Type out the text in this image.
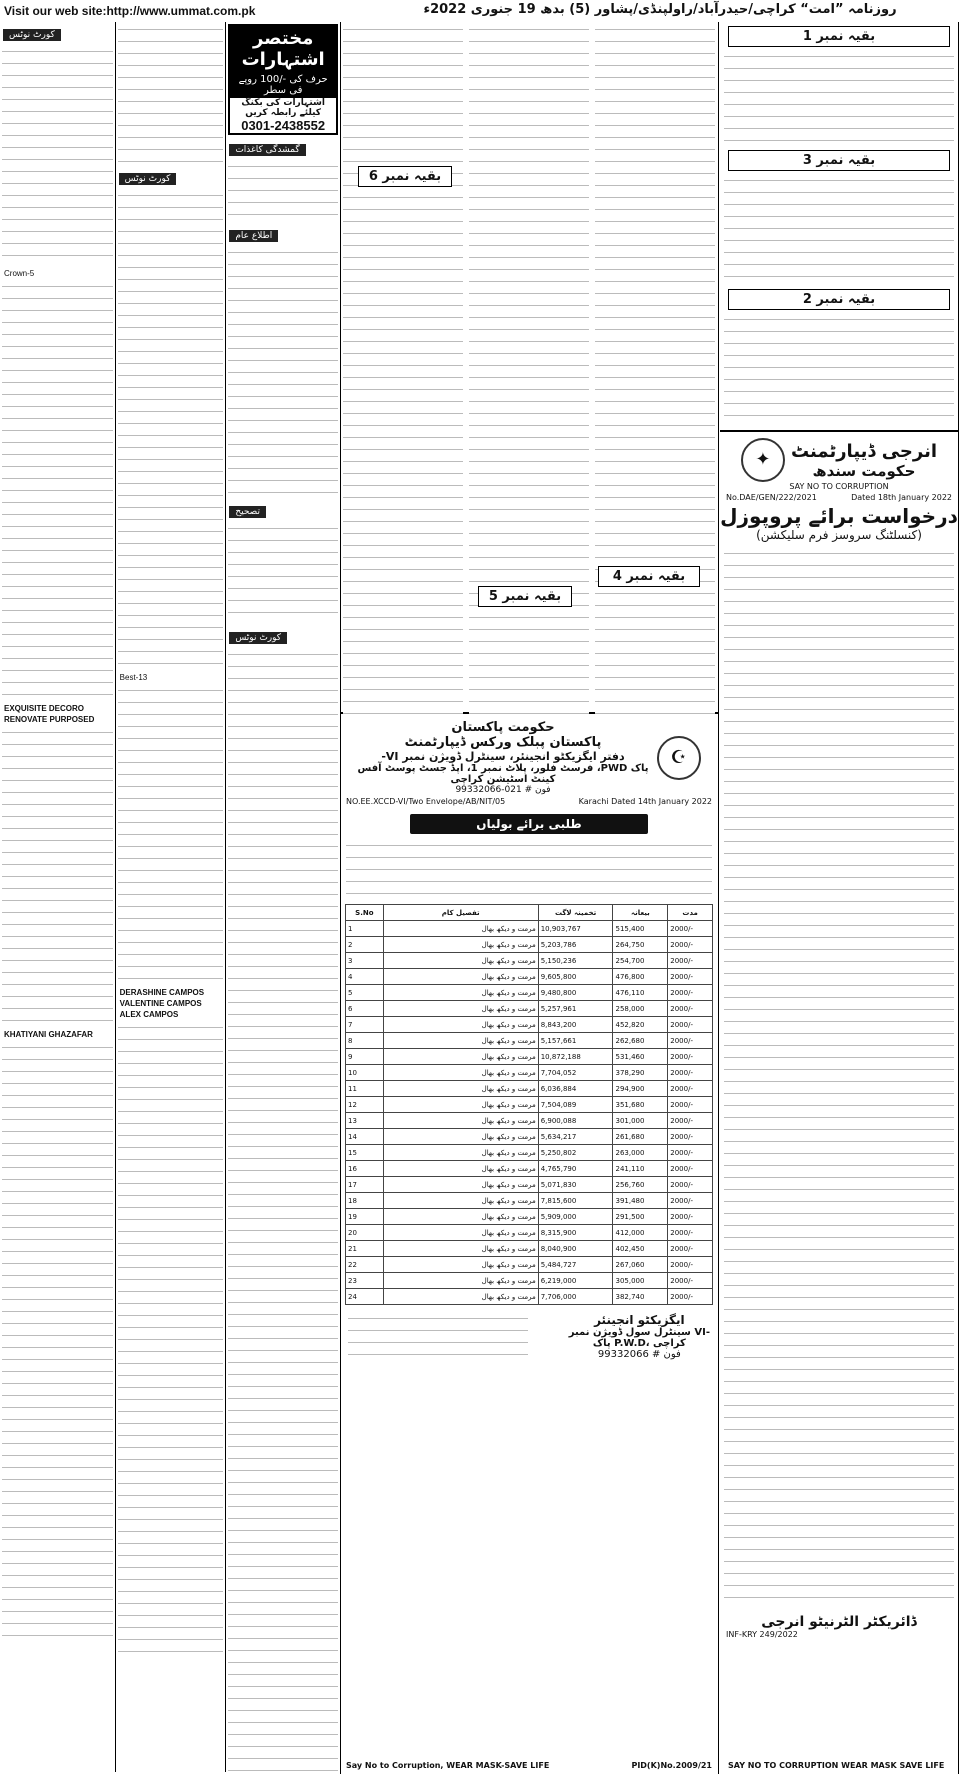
Visit our web site:http://www.ummat.com.pk	روزنامہ ”امت“ کراچی/حیدرآباد/راولپنڈی/پشاور (5) بدھ 19 جنوری 2022ء
بقیہ نمبر 1
بقیہ نمبر 3
بقیہ نمبر 2
✦	انرجی ڈیپارٹمنٹ
حکومت سندھ
SAY NO TO CORRUPTION
No.DAE/GEN/222/2021	Dated 18th January 2022
درخواست برائے پروپوزل
(کنسلٹنگ سروسز فرم سلیکشن)
ڈائریکٹر الٹرنیٹو انرجی
INF-KRY 249/2022
SAY NO TO CORRUPTION WEAR MASK SAVE LIFE
بقیہ نمبر 6
بقیہ نمبر 4
بقیہ نمبر 5
حکومت پاکستان
پاکستان پبلک ورکس ڈیپارٹمنٹ
دفتر ایگزیکٹو انجینئر، سینٹرل ڈویژن نمبر VI-
پاک PWD، فرسٹ فلور، پلاٹ نمبر 1، اپڈ جسٹ پوسٹ آفس
کینٹ اسٹیشن کراچی
فون # 021-99332066
☪
NO.EE.XCCD-VI/Two Envelope/AB/NIT/05	Karachi Dated 14th January 2022
طلبی برائے بولیاں
S.No	تفصیل کام	تخمینہ لاگت	بیعانہ	مدت
1	مرمت و دیکھ بھال	10,903,767	515,400	2000/-
2	مرمت و دیکھ بھال	5,203,786	264,750	2000/-
3	مرمت و دیکھ بھال	5,150,236	254,700	2000/-
4	مرمت و دیکھ بھال	9,605,800	476,800	2000/-
5	مرمت و دیکھ بھال	9,480,800	476,110	2000/-
6	مرمت و دیکھ بھال	5,257,961	258,000	2000/-
7	مرمت و دیکھ بھال	8,843,200	452,820	2000/-
8	مرمت و دیکھ بھال	5,157,661	262,680	2000/-
9	مرمت و دیکھ بھال	10,872,188	531,460	2000/-
10	مرمت و دیکھ بھال	7,704,052	378,290	2000/-
11	مرمت و دیکھ بھال	6,036,884	294,900	2000/-
12	مرمت و دیکھ بھال	7,504,089	351,680	2000/-
13	مرمت و دیکھ بھال	6,900,088	301,000	2000/-
14	مرمت و دیکھ بھال	5,634,217	261,680	2000/-
15	مرمت و دیکھ بھال	5,250,802	263,000	2000/-
16	مرمت و دیکھ بھال	4,765,790	241,110	2000/-
17	مرمت و دیکھ بھال	5,071,830	256,760	2000/-
18	مرمت و دیکھ بھال	7,815,600	391,480	2000/-
19	مرمت و دیکھ بھال	5,909,000	291,500	2000/-
20	مرمت و دیکھ بھال	8,315,900	412,000	2000/-
21	مرمت و دیکھ بھال	8,040,900	402,450	2000/-
22	مرمت و دیکھ بھال	5,484,727	267,060	2000/-
23	مرمت و دیکھ بھال	6,219,000	305,000	2000/-
24	مرمت و دیکھ بھال	7,706,000	382,740	2000/-
ایگزیکٹو انجینئر
سینٹرل سول ڈویژن نمبر VI-
پاک P.W.D، کراچی
فون # 99332066
Say No to Corruption, WEAR MASK-SAVE LIFE	PID(K)No.2009/21
کورٹ نوٹس
Crown-5
EXQUISITE DECORO
RENOVATE PURPOSED
KHATIYANI GHAZAFAR
کورٹ نوٹس
Best-13
DERASHINE CAMPOS
VALENTINE CAMPOS
ALEX CAMPOS
مختصر اشتہارات
حرف کی -/100 روپے فی سطر
اشتہارات کی بکنگ کیلئے رابطہ کریں
0301-2438552
گمشدگی کاغذات
اطلاع عام
تصحیح
کورٹ نوٹس
